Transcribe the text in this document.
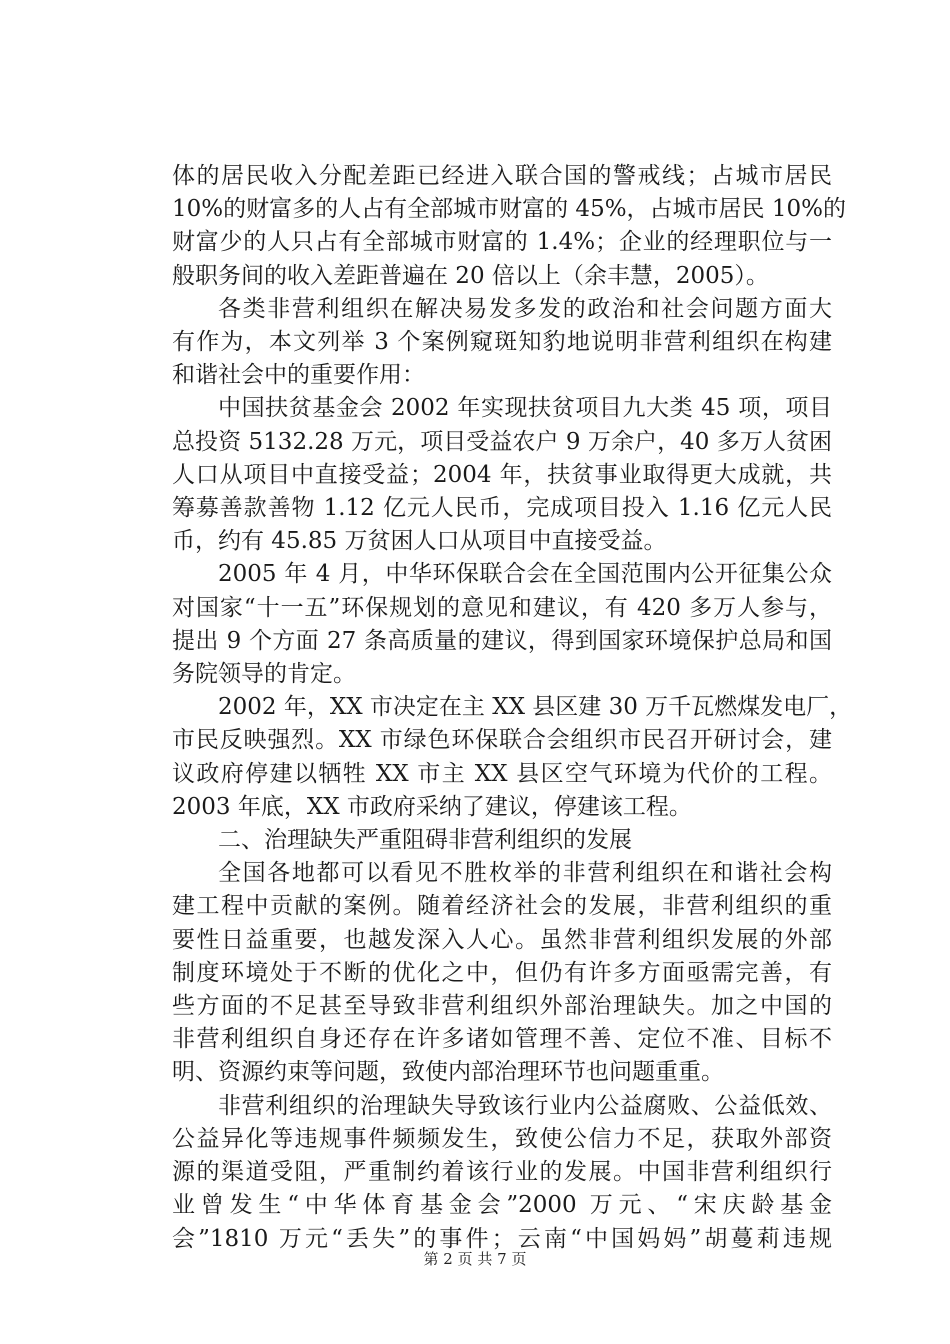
体的居民收入分配差距已经进入联合国的警戒线；占城市居民
10%的财富多的人占有全部城市财富的 45%，占城市居民 10%的
财富少的人只占有全部城市财富的 1.4%；企业的经理职位与一
般职务间的收入差距普遍在 20 倍以上（余丰慧，2005）。
各类非营利组织在解决易发多发的政治和社会问题方面大
有作为，本文列举 3 个案例窥斑知豹地说明非营利组织在构建
和谐社会中的重要作用：
中国扶贫基金会 2002 年实现扶贫项目九大类 45 项，项目
总投资 5132.28 万元，项目受益农户 9 万余户，40 多万人贫困
人口从项目中直接受益；2004 年，扶贫事业取得更大成就，共
筹募善款善物 1.12 亿元人民币，完成项目投入 1.16 亿元人民
币，约有 45.85 万贫困人口从项目中直接受益。
2005 年 4 月，中华环保联合会在全国范围内公开征集公众
对国家“十一五”环保规划的意见和建议，有 420 多万人参与，
提出 9 个方面 27 条高质量的建议，得到国家环境保护总局和国
务院领导的肯定。
2002 年，XX 市决定在主 XX 县区建 30 万千瓦燃煤发电厂，
市民反映强烈。XX 市绿色环保联合会组织市民召开研讨会，建
议政府停建以牺牲 XX 市主 XX 县区空气环境为代价的工程。
2003 年底，XX 市政府采纳了建议，停建该工程。
二、治理缺失严重阻碍非营利组织的发展
全国各地都可以看见不胜枚举的非营利组织在和谐社会构
建工程中贡献的案例。随着经济社会的发展，非营利组织的重
要性日益重要，也越发深入人心。虽然非营利组织发展的外部
制度环境处于不断的优化之中，但仍有许多方面亟需完善，有
些方面的不足甚至导致非营利组织外部治理缺失。加之中国的
非营利组织自身还存在许多诸如管理不善、定位不准、目标不
明、资源约束等问题，致使内部治理环节也问题重重。
非营利组织的治理缺失导致该行业内公益腐败、公益低效、
公益异化等违规事件频频发生，致使公信力不足，获取外部资
源的渠道受阻，严重制约着该行业的发展。中国非营利组织行
业曾发生“中华体育基金会”2000 万元、“宋庆龄基金
会”1810 万元“丢失”的事件；云南“中国妈妈”胡蔓莉违规
第 2 页 共 7 页
